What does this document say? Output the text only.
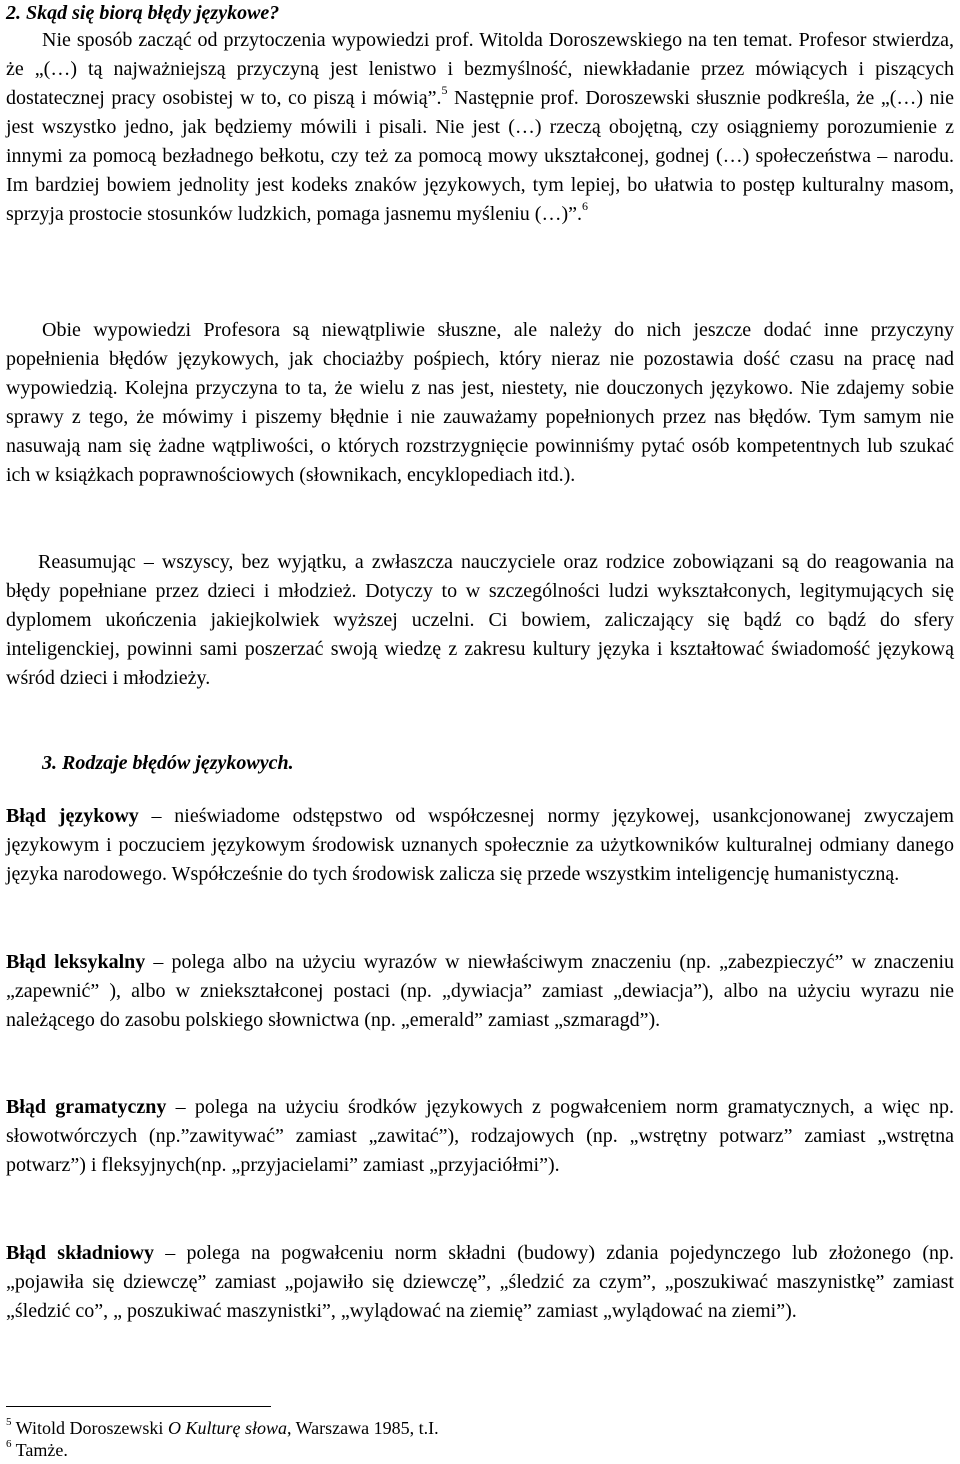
2. Skąd się biorą błędy językowe?

Nie sposób zacząć od przytoczenia wypowiedzi prof. Witolda Doroszewskiego na ten temat. Profesor stwierdza, że „(…) tą najważniejszą przyczyną jest lenistwo i bezmyślność, niewkładanie przez mówiących i piszących dostatecznej pracy osobistej w to, co piszą i mówią”.$^5$ Następnie prof. Doroszewski słusznie podkreśla, że „(…) nie jest wszystko jedno, jak będziemy mówili i pisali. Nie jest (…) rzeczą obojętną, czy osiągniemy porozumienie z innymi za pomocą bezładnego bełkotu, czy też za pomocą mowy ukształconej, godnej (…) społeczeństwa – narodu. Im bardziej bowiem jednolity jest kodeks znaków językowych, tym lepiej, bo ułatwia to postęp kulturalny masom, sprzyja prostocie stosunków ludzkich, pomaga jasnemu myśleniu (…)”.$^6$

Obie wypowiedzi Profesora są niewątpliwie słuszne, ale należy do nich jeszcze dodać inne przyczyny popełnienia błędów językowych, jak chociażby pośpiech, który nieraz nie pozostawia dość czasu na pracę nad wypowiedzią. Kolejna przyczyna to ta, że wielu z nas jest, niestety, nie douczonych językowo. Nie zdajemy sobie sprawy z tego, że mówimy i piszemy błędnie i nie zauważamy popełnionych przez nas błędów. Tym samym nie nasuwają nam się żadne wątpliwości, o których rozstrzygnięcie powinniśmy pytać osób kompetentnych lub szukać ich w książkach poprawnościowych (słownikach, encyklopediach itd.).

Reasumując – wszyscy, bez wyjątku, a zwłaszcza nauczyciele oraz rodzice zobowiązani są do reagowania na błędy popełniane przez dzieci i młodzież. Dotyczy to w szczególności ludzi wykształconych, legitymujących się dyplomem ukończenia jakiejkolwiek wyższej uczelni. Ci bowiem, zaliczający się bądź co bądź do sfery inteligenckiej, powinni sami poszerzać swoją wiedzę z zakresu kultury języka i kształtować świadomość językową wśród dzieci i młodzieży.

3. Rodzaje błędów językowych.

Błąd językowy – nieświadome odstępstwo od współczesnej normy językowej, usankcjonowanej zwyczajem językowym i poczuciem językowym środowisk uznanych społecznie za użytkowników kulturalnej odmiany danego języka narodowego. Współcześnie do tych środowisk zalicza się przede wszystkim inteligencję humanistyczną.

Błąd leksykalny – polega albo na użyciu wyrazów w niewłaściwym znaczeniu (np. „zabezpieczyć” w znaczeniu „zapewnić” ), albo w zniekształconej postaci (np. „dywiacja” zamiast „dewiacja”), albo na użyciu wyrazu nie należącego do zasobu polskiego słownictwa (np. „emerald” zamiast „szmaragd”).

Błąd gramatyczny – polega na użyciu środków językowych z pogwałceniem norm gramatycznych, a więc np. słowotwórczych (np.”zawitywać” zamiast „zawitać”), rodzajowych (np. „wstrętny potwarz” zamiast „wstrętna potwarz”) i fleksyjnych(np. „przyjacielami” zamiast „przyjaciółmi”).

Błąd składniowy – polega na pogwałceniu norm składni (budowy) zdania pojedynczego lub złożonego (np. „pojawiła się dziewczę” zamiast „pojawiło się dziewczę”, „śledzić za czym”, „poszukiwać maszynistkę” zamiast „śledzić co”, „ poszukiwać maszynistki”, „wylądować na ziemię” zamiast „wylądować na ziemi”).

$^5$ Witold Doroszewski O Kulturę słowa, Warszawa 1985, t.I.
$^6$ Tamże.
